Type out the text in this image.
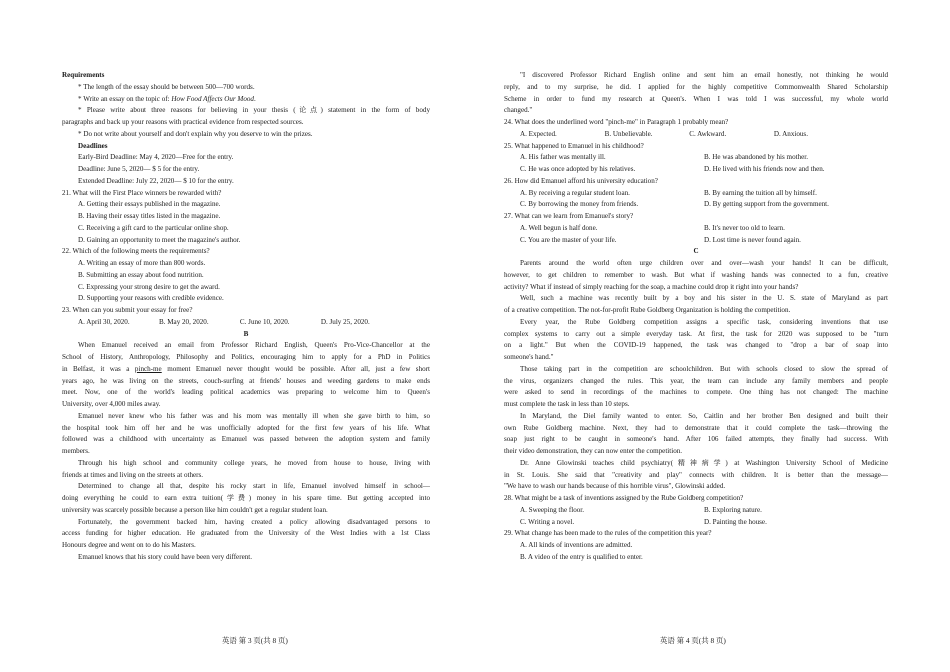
Requirements
* The length of the essay should be between 500—700 words.
* Write an essay on the topic of: How Food Affects Our Mood.
* Please write about three reasons for believing in your thesis (论点) statement in the form of body
paragraphs and back up your reasons with practical evidence from respected sources.
* Do not write about yourself and don't explain why you deserve to win the prizes.
Deadlines
Early-Bird Deadline: May 4, 2020—Free for the entry.
Deadline: June 5, 2020— $ 5 for the entry.
Extended Deadline: July 22, 2020— $ 10 for the entry.
21. What will the First Place winners be rewarded with?
A. Getting their essays published in the magazine.
B. Having their essay titles listed in the magazine.
C. Receiving a gift card to the particular online shop.
D. Gaining an opportunity to meet the magazine's author.
22. Which of the following meets the requirements?
A. Writing an essay of more than 800 words.
B. Submitting an essay about food nutrition.
C. Expressing your strong desire to get the award.
D. Supporting your reasons with credible evidence.
23. When can you submit your essay for free?
A. April 30, 2020.	B. May 20, 2020.	C. June 10, 2020.	D. July 25, 2020.
B
When Emanuel received an email from Professor Richard English, Queen's Pro-Vice-Chancellor at the
School of History, Anthropology, Philosophy and Politics, encouraging him to apply for a PhD in Politics
in Belfast, it was a pinch-me moment Emanuel never thought would be possible. After all, just a few short
years ago, he was living on the streets, couch-surfing at friends' houses and weeding gardens to make ends
meet. Now, one of the world's leading political academics was preparing to welcome him to Queen's
University, over 4,000 miles away.
Emanuel never knew who his father was and his mom was mentally ill when she gave birth to him, so
the hospital took him off her and he was unofficially adopted for the first few years of his life. What
followed was a childhood with uncertainty as Emanuel was passed between the adoption system and family
members.
Through his high school and community college years, he moved from house to house, living with
friends at times and living on the streets at others.
Determined to change all that, despite his rocky start in life, Emanuel involved himself in school—
doing everything he could to earn extra tuition(学费) money in his spare time. But getting accepted into
university was scarcely possible because a person like him couldn't get a regular student loan.
Fortunately, the government backed him, having created a policy allowing disadvantaged persons to
access funding for higher education. He graduated from the University of the West Indies with a 1st Class
Honours degree and went on to do his Masters.
Emanuel knows that his story could have been very different.
"I discovered Professor Richard English online and sent him an email honestly, not thinking he would
reply, and to my surprise, he did. I applied for the highly competitive Commonwealth Shared Scholarship
Scheme in order to fund my research at Queen's. When I was told I was successful, my whole world
changed."
24. What does the underlined word "pinch-me" in Paragraph 1 probably mean?
A. Expected.	B. Unbelievable.	C. Awkward.	D. Anxious.
25. What happened to Emanuel in his childhood?
A. His father was mentally ill.	B. He was abandoned by his mother.
C. He was once adopted by his relatives.	D. He lived with his friends now and then.
26. How did Emanuel afford his university education?
A. By receiving a regular student loan.	B. By earning the tuition all by himself.
C. By borrowing the money from friends.	D. By getting support from the government.
27. What can we learn from Emanuel's story?
A. Well begun is half done.	B. It's never too old to learn.
C. You are the master of your life.	D. Lost time is never found again.
C
Parents around the world often urge children over and over—wash your hands! It can be difficult,
however, to get children to remember to wash. But what if washing hands was connected to a fun, creative
activity? What if instead of simply reaching for the soap, a machine could drop it right into your hands?
Well, such a machine was recently built by a boy and his sister in the U. S. state of Maryland as part
of a creative competition. The not-for-profit Rube Goldberg Organization is holding the competition.
Every year, the Rube Goldberg competition assigns a specific task, considering inventions that use
complex systems to carry out a simple everyday task. At first, the task for 2020 was supposed to be "turn
on a light." But when the COVID-19 happened, the task was changed to "drop a bar of soap into
someone's hand."
Those taking part in the competition are schoolchildren. But with schools closed to slow the spread of
the virus, organizers changed the rules. This year, the team can include any family members and people
were asked to send in recordings of the machines to compete. One thing has not changed: The machine
must complete the task in less than 10 steps.
In Maryland, the Diel family wanted to enter. So, Caitlin and her brother Ben designed and built their
own Rube Goldberg machine. Next, they had to demonstrate that it could complete the task—throwing the
soap just right to be caught in someone's hand. After 106 failed attempts, they finally had success. With
their video demonstration, they can now enter the competition.
Dr. Anne Glowinski teaches child psychiatry(精神病学) at Washington University School of Medicine
in St. Louis. She said that "creativity and play" connects with children. It is better than the message—
"We have to wash our hands because of this horrible virus", Glowinski added.
28. What might be a task of inventions assigned by the Rube Goldberg competition?
A. Sweeping the floor.	B. Exploring nature.
C. Writing a novel.	D. Painting the house.
29. What change has been made to the rules of the competition this year?
A. All kinds of inventions are admitted.
B. A video of the entry is qualified to enter.
英语 第 3 页(共 8 页)	英语 第 4 页(共 8 页)
